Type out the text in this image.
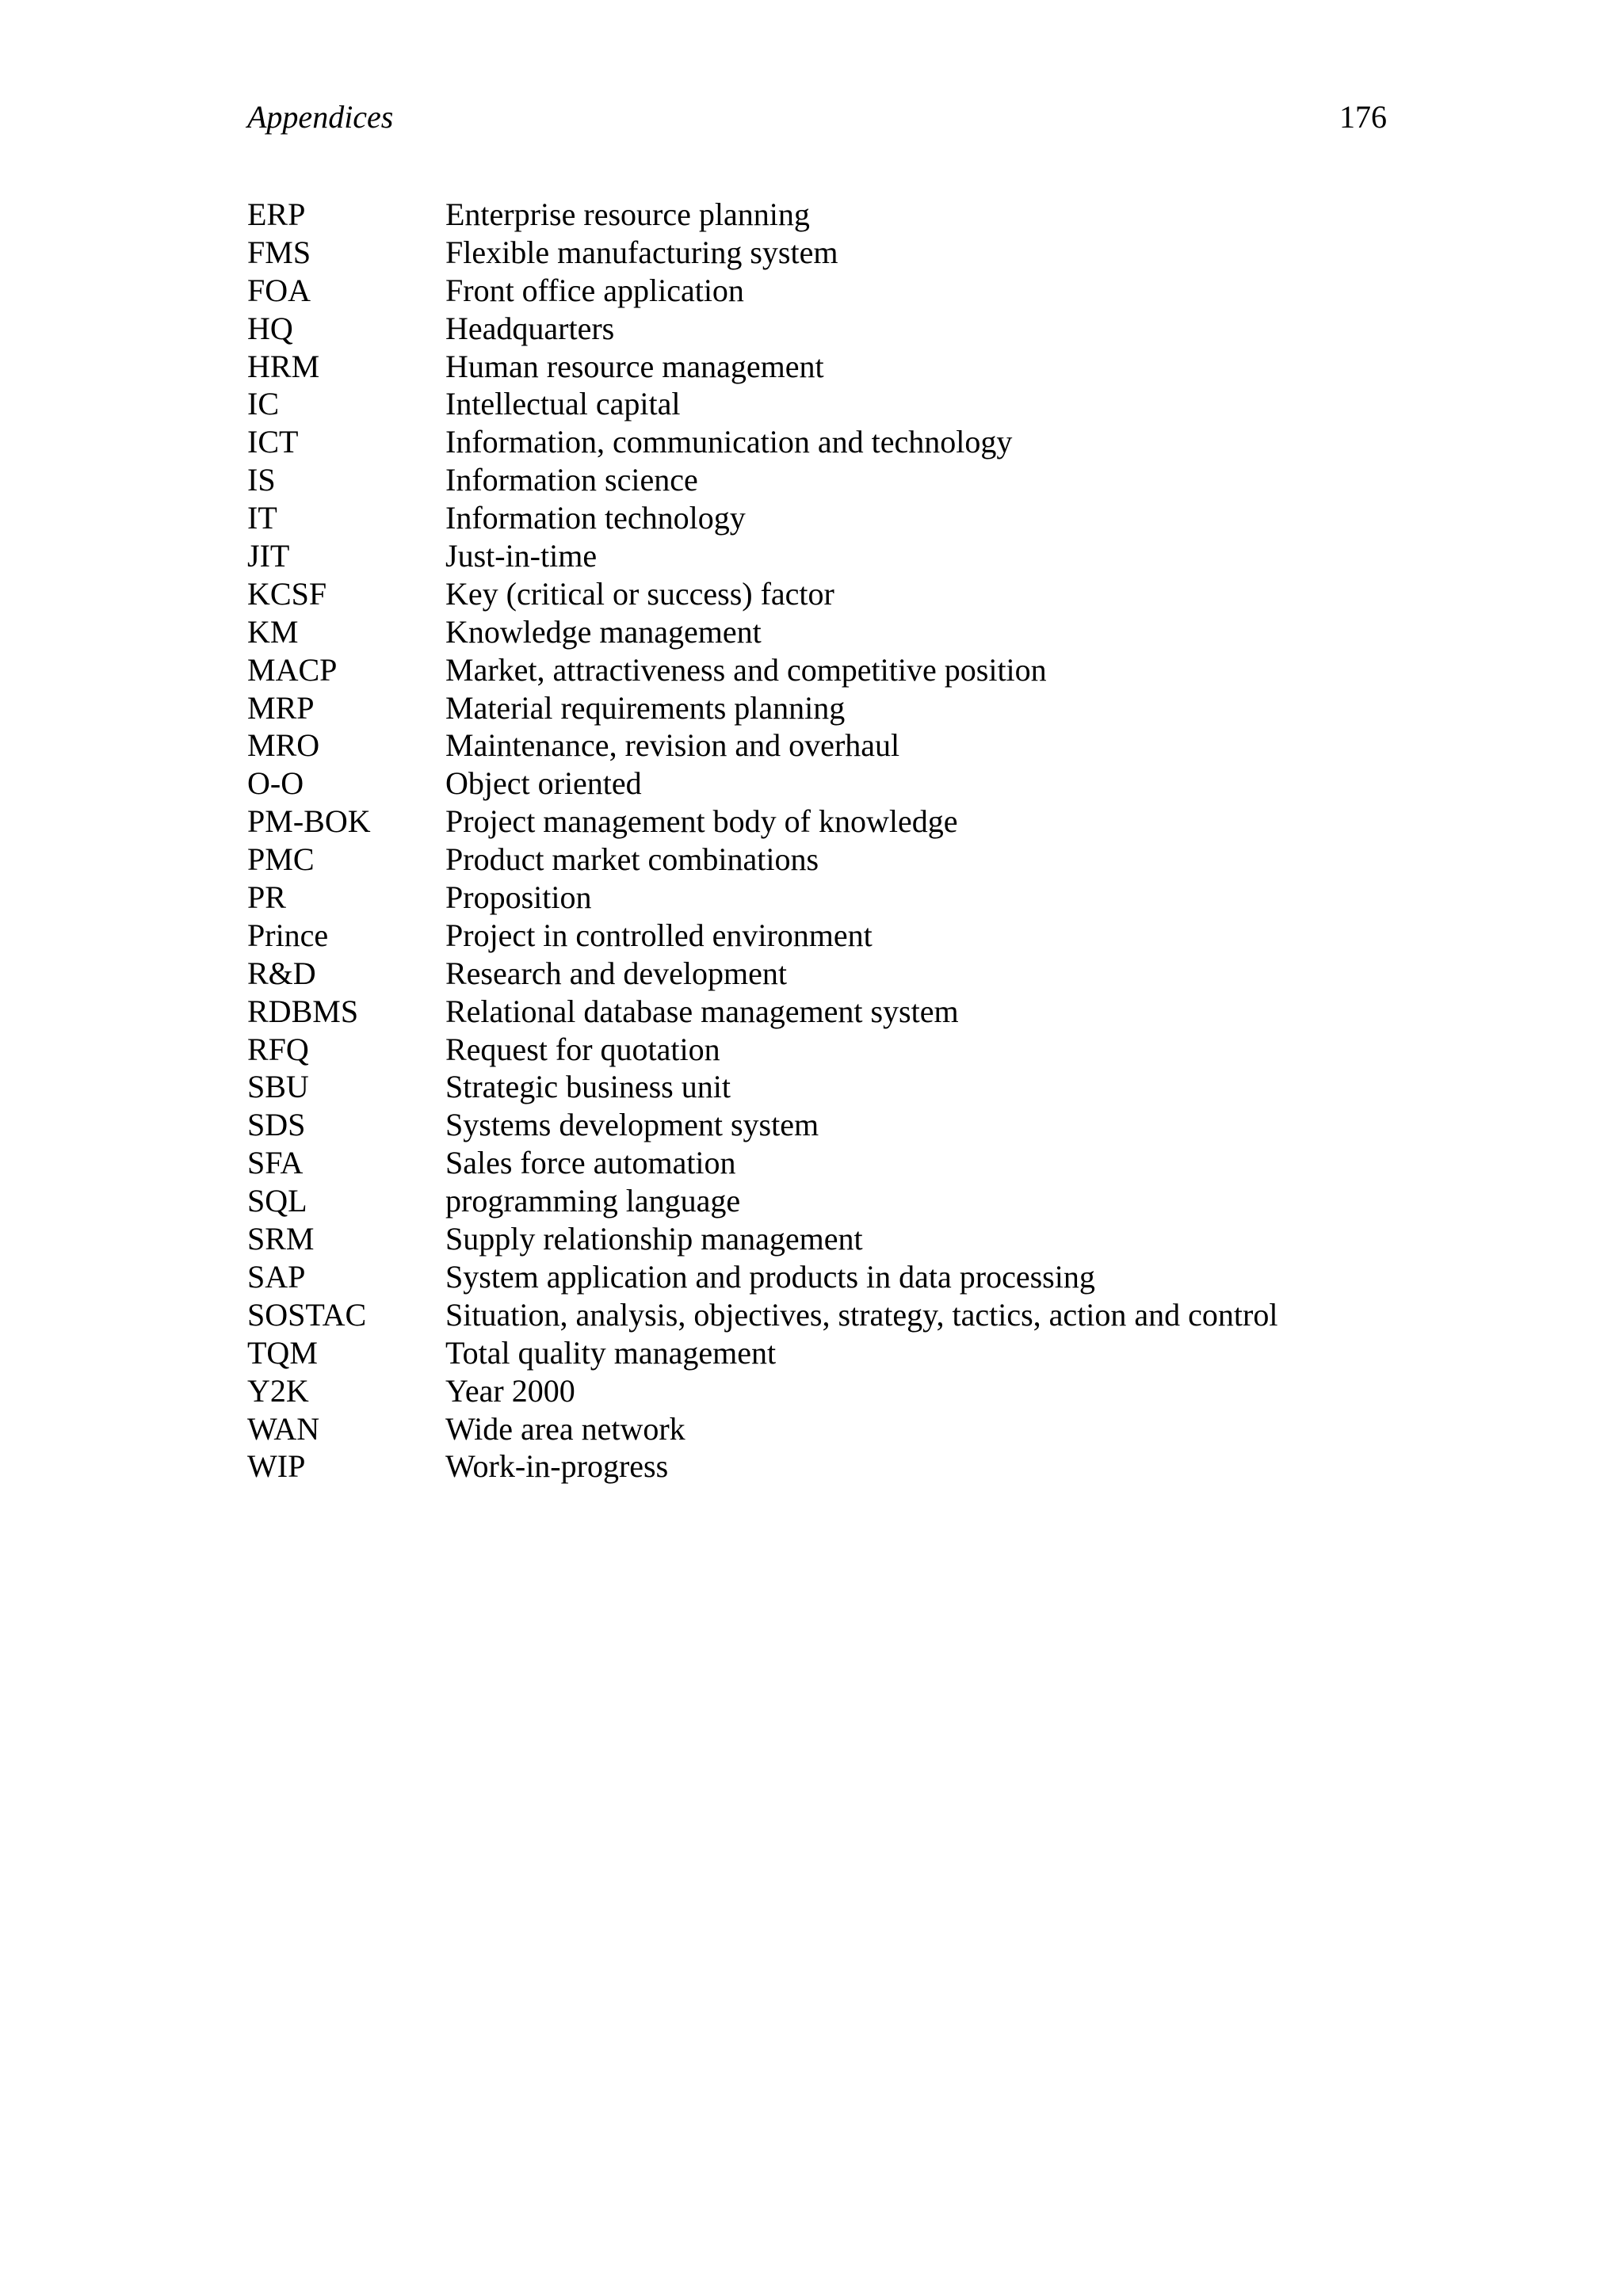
Appendices	176
ERP	Enterprise resource planning
FMS	Flexible manufacturing system
FOA	Front office application
HQ	Headquarters
HRM	Human resource management
IC	Intellectual capital
ICT	Information, communication and technology
IS	Information science
IT	Information technology
JIT	Just-in-time
KCSF	Key (critical or success) factor
KM	Knowledge management
MACP	Market, attractiveness and competitive position
MRP	Material requirements planning
MRO	Maintenance, revision and overhaul
O-O	Object oriented
PM-BOK	Project management body of knowledge
PMC	Product market combinations
PR	Proposition
Prince	Project in controlled environment
R&D	Research and development
RDBMS	Relational database management system
RFQ	Request for quotation
SBU	Strategic business unit
SDS	Systems development system
SFA	Sales force automation
SQL	programming language
SRM	Supply relationship management
SAP	System application and products in data processing
SOSTAC	Situation, analysis, objectives, strategy, tactics, action and control
TQM	Total quality management
Y2K	Year 2000
WAN	Wide area network
WIP	Work-in-progress
